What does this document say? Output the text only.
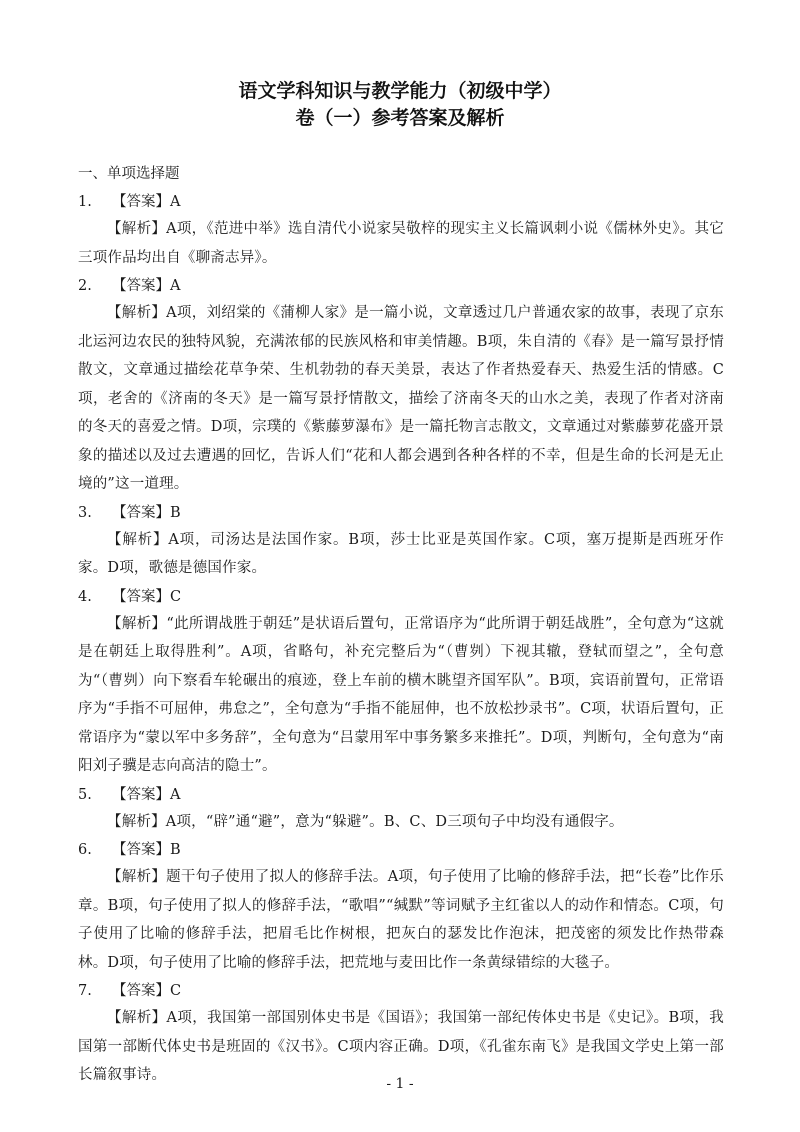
语文学科知识与教学能力（初级中学）
卷（一）参考答案及解析
一、单项选择题
1. 【答案】A

【解析】A项，《范进中举》选自清代小说家吴敬梓的现实主义长篇讽刺小说《儒林外史》。其它三项作品均出自《聊斋志异》。

2. 【答案】A

【解析】A项，刘绍棠的《蒲柳人家》是一篇小说，文章透过几户普通农家的故事，表现了京东北运河边农民的独特风貌，充满浓郁的民族风格和审美情趣。B项，朱自清的《春》是一篇写景抒情散文，文章通过描绘花草争荣、生机勃勃的春天美景，表达了作者热爱春天、热爱生活的情感。C项，老舍的《济南的冬天》是一篇写景抒情散文，描绘了济南冬天的山水之美，表现了作者对济南的冬天的喜爱之情。D项，宗璞的《紫藤萝瀑布》是一篇托物言志散文，文章通过对紫藤萝花盛开景象的描述以及过去遭遇的回忆，告诉人们“花和人都会遇到各种各样的不幸，但是生命的长河是无止境的”这一道理。

3. 【答案】B

【解析】A项，司汤达是法国作家。B项，莎士比亚是英国作家。C项，塞万提斯是西班牙作家。D项，歌德是德国作家。

4. 【答案】C

【解析】“此所谓战胜于朝廷”是状语后置句，正常语序为“此所谓于朝廷战胜”，全句意为“这就是在朝廷上取得胜利”。A项，省略句，补充完整后为“（曹刿）下视其辙，登轼而望之”，全句意为“（曹刿）向下察看车轮碾出的痕迹，登上车前的横木眺望齐国军队”。B项，宾语前置句，正常语序为“手指不可屈伸，弗怠之”，全句意为“手指不能屈伸，也不放松抄录书”。C项，状语后置句，正常语序为“蒙以军中多务辞”，全句意为“吕蒙用军中事务繁多来推托”。D项，判断句，全句意为“南阳刘子骥是志向高洁的隐士”。

5. 【答案】A

【解析】A项，“辟”通“避”，意为“躲避”。B、C、D三项句子中均没有通假字。

6. 【答案】B

【解析】题干句子使用了拟人的修辞手法。A项，句子使用了比喻的修辞手法，把“长卷”比作乐章。B项，句子使用了拟人的修辞手法，“歌唱”“缄默”等词赋予主红雀以人的动作和情态。C项，句子使用了比喻的修辞手法，把眉毛比作树根，把灰白的瑟发比作泡沫，把茂密的须发比作热带森林。D项，句子使用了比喻的修辞手法，把荒地与麦田比作一条黄绿错综的大毯子。

7. 【答案】C

【解析】A项，我国第一部国别体史书是《国语》；我国第一部纪传体史书是《史记》。B项，我国第一部断代体史书是班固的《汉书》。C项内容正确。D项，《孔雀东南飞》是我国文学史上第一部长篇叙事诗。

- 1 -
